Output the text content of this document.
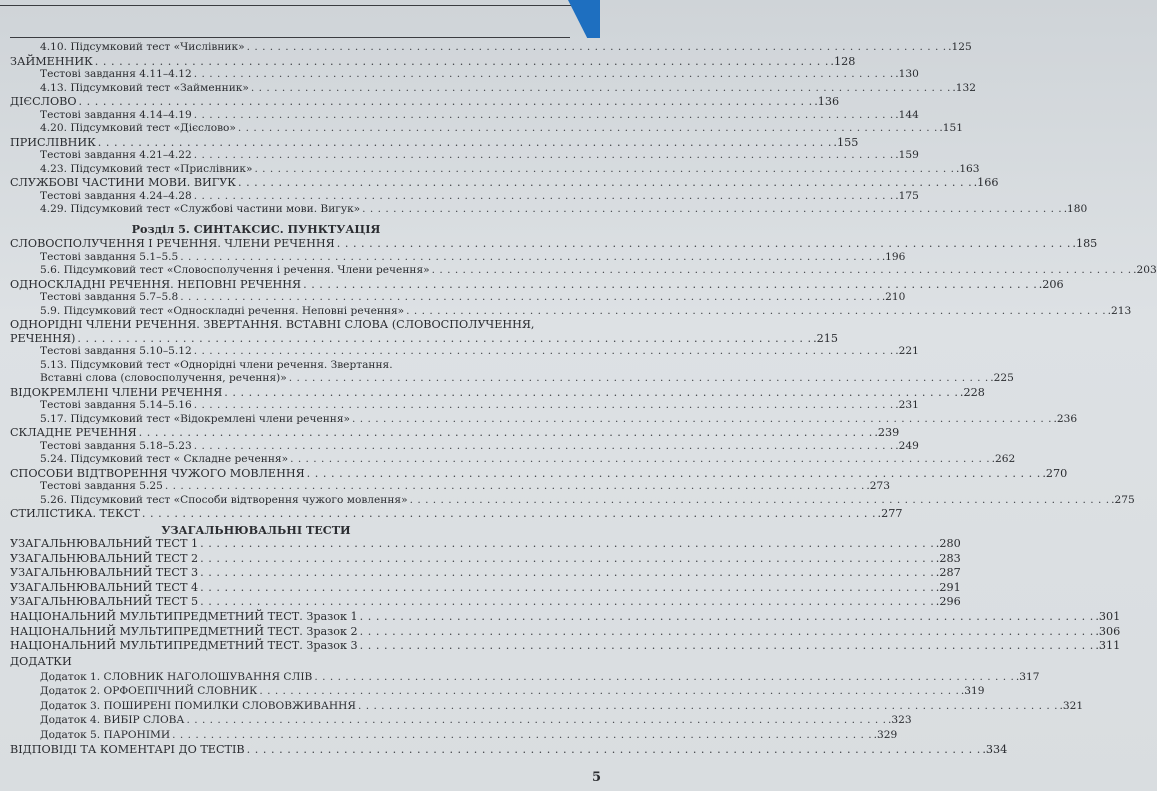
4.10. Підсумковий тест «Числівник» . . .	.125
ЗАЙМЕННИК . . .	.128
Тестові завдання 4.11–4.12 . . .	.130
4.13. Підсумковий тест «Займенник» . . .	.132
ДІЄСЛОВО . . .	.136
Тестові завдання 4.14–4.19 . . .	.144
4.20. Підсумковий тест «Дієслово» . . .	.151
ПРИСЛІВНИК . . .	.155
Тестові завдання 4.21–4.22 . . .	.159
4.23. Підсумковий тест «Прислівник» . . .	.163
СЛУЖБОВІ ЧАСТИНИ МОВИ. ВИГУК . . .	.166
Тестові завдання 4.24–4.28 . . .	.175
4.29. Підсумковий тест «Службові частини мови. Вигук» . . .	.180
Розділ 5. СИНТАКСИС. ПУНКТУАЦІЯ
СЛОВОСПОЛУЧЕННЯ І РЕЧЕННЯ. ЧЛЕНИ РЕЧЕННЯ . . .	.185
Тестові завдання 5.1–5.5 . . .	.196
5.6. Підсумковий тест «Словосполучення і речення. Члени речення» . . .	.203
ОДНОСКЛАДНІ РЕЧЕННЯ. НЕПОВНІ РЕЧЕННЯ . . .	.206
Тестові завдання 5.7–5.8 . . .	.210
5.9. Підсумковий тест «Односкладні речення. Неповні речення» . . .	.213
ОДНОРІДНІ ЧЛЕНИ РЕЧЕННЯ. ЗВЕРТАННЯ. ВСТАВНІ СЛОВА (СЛОВОСПОЛУЧЕННЯ,
РЕЧЕННЯ) . . .	.215
Тестові завдання 5.10–5.12 . . .	.221
5.13. Підсумковий тест «Однорідні члени речення. Звертання.
Вставні слова (словосполучення, речення)» . . .	.225
ВІДОКРЕМЛЕНІ ЧЛЕНИ РЕЧЕННЯ . . .	.228
Тестові завдання 5.14–5.16 . . .	.231
5.17. Підсумковий тест «Відокремлені члени речення» . . .	.236
СКЛАДНЕ РЕЧЕННЯ . . .	.239
Тестові завдання 5.18–5.23 . . .	.249
5.24. Підсумковий тест « Складне речення» . . .	.262
СПОСОБИ ВІДТВОРЕННЯ ЧУЖОГО МОВЛЕННЯ . . .	.270
Тестові завдання 5.25 . . .	.273
5.26. Підсумковий тест «Способи відтворення чужого мовлення» . . .	.275
СТИЛІСТИКА. ТЕКСТ . . .	.277
УЗАГАЛЬНЮВАЛЬНІ ТЕСТИ
УЗАГАЛЬНЮВАЛЬНИЙ ТЕСТ 1 . . .	.280
УЗАГАЛЬНЮВАЛЬНИЙ ТЕСТ 2 . . .	.283
УЗАГАЛЬНЮВАЛЬНИЙ ТЕСТ 3 . . .	.287
УЗАГАЛЬНЮВАЛЬНИЙ ТЕСТ 4 . . .	.291
УЗАГАЛЬНЮВАЛЬНИЙ ТЕСТ 5 . . .	.296
НАЦІОНАЛЬНИЙ МУЛЬТИПРЕДМЕТНИЙ ТЕСТ. Зразок 1 . . .	.301
НАЦІОНАЛЬНИЙ МУЛЬТИПРЕДМЕТНИЙ ТЕСТ. Зразок 2 . . .	.306
НАЦІОНАЛЬНИЙ МУЛЬТИПРЕДМЕТНИЙ ТЕСТ. Зразок 3 . . .	.311
ДОДАТКИ
Додаток 1. СЛОВНИК НАГОЛОШУВАННЯ СЛІВ . . .	.317
Додаток 2. ОРФОЕПІЧНИЙ СЛОВНИК . . .	.319
Додаток 3. ПОШИРЕНІ ПОМИЛКИ СЛОВОВЖИВАННЯ . . .	.321
Додаток 4. ВИБІР СЛОВА . . .	.323
Додаток 5. ПАРОНІМИ . . .	.329
ВІДПОВІДІ ТА КОМЕНТАРІ ДО ТЕСТІВ . . .	.334
5
